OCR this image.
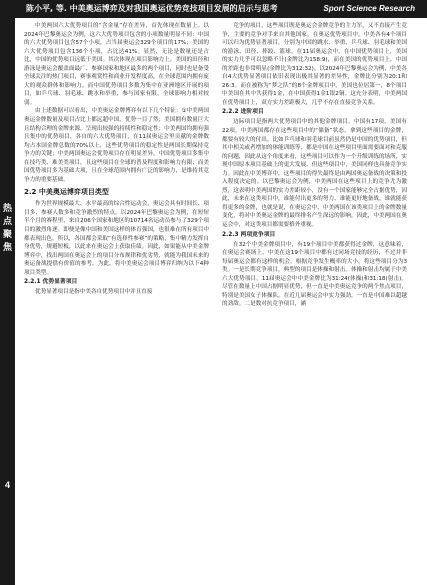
陈小平, 等. 中美奥运博弈及对我国奥运优势竞技项目发展的启示与思考	Sport Science Research
热点聚焦
4

中美两国六大优势项目的“含金量”存在差异，首先体现在数量上。以2024年巴黎奥运会为例，这六大优势项目包含的小项数量明显不同：中国的六大优势项目包含57个小项，占当届奥运会329个项目的17%；美国的六大优势项目包含136个小项，占比达41%。显然，无论是数量还是占比，中国的优势项目远低于美国。其次体现在项目影响力上。美国的田径和游泳是奥运会覆盖面最广、参赛国家和地区最多的两个项目，同时也是备受全球关注的热门项目，赛事观赏性和商业开发程度高，在全球范围内拥有庞大的观众群体和影响力。而中国优势项目多数为集中在亚洲地区开展的项目，如乒乓球、羽毛球、跳水和举重，参与国家有限，全球影响力相对较弱。

由上述数据可以看出，中美奥运金牌博弈有以下几个特征：①中美两国奥运金牌数量及项目占比上都远超中国，优势一目了然；美国拥有数量巨大且结构合理的金牌来源，呈现出较强的持续性和稳定性；中美两国均拥有强且集中的优势项目，各自的六大优势项目，在11届奥运会里贡献的金牌数均占本国金牌总数的70%以上，这些优势项目的稳定性是两国长期保持竞争力的关键；中美两国奥运会优势项目存在明显差异，中国优势项目多集中在技巧类、难美类项目，且这些项目在全球的普及程度和影响力有限；而美国优势项目多为基础大项，且在全球范围内拥有广泛的影响力，是维持其竞争力的重要基础。

2.2 中美奥运博弈项目类型

作为世界规模最大、水平最高的综合性运动会，奥运会具有时间长、项目多、参赛人数多和竞争激烈的特点。以2024年巴黎奥运会为例，在短短半个月的赛程里，来自206个国家和地区的10714名运动员参与了329个项目的激烈角逐。即便是像中国和美国这样的体育强国，也很难在所有项目中都表现出色。所以，各国都会采取“有选择性参赛”的策略，集中精力发挥自身优势，规避短板，以此来在奥运会上获取佳绩。因此，如果能从中美金牌博弈中，找出两国在奥运会上的项目分布规律和优劣势，就能为我国未来的奥运备战提供有价值的参考。为此，将中美奥运会项目博弈归纳为以下4种项目类型。

2.2.1 优势显著项目

优势显著项目是指中美各自优势项目中并且直接

竞争的项目，这些项目既是奥运会金牌竞争的主力军，又不直接产生竞争，主要的竞争对手来自其他国家。在奥运优势项目中，中美各有4个项目可以归为优势显著项目，分别为中国的跳水、举重、乒乓球、羽毛球和美国的游泳、田径、摔跤、篮球。在11届奥运会中，在中国优势项目上，美国的实力几乎可以忽略不计(金牌比为158:9)，而在美国的优势项目上，中国的差距也非常明显(金牌比为312:32)。以2024年巴黎奥运会为例，中美各自4大优势显著项目依旧表现出极其显著的差异性，金牌比分别为20:1和26:3。而在被称为“梦之队”的8个金牌项目中，美国也位居第一，8个项目中美国在其中共获得1金，在中国获得1金1银2铜。这充分表明，中美两国在优势项目上，双方实力差距极大，几乎不存在直接竞争关系。

2.2.2 进阶项目

边际项目是指两大优势项目中的其他金牌项目。中国有17项，美国有22项。中美两国都存在这些项目中的“储备”状态，拿到这些项目的金牌，都要有较大的付出。比如乒乓球和羽毛球目前虽然仍是中国的优势项目，但其中相关或者增加的体能训练等，都是中国在这些项目里面需要面对和克服的问题，因此从这个角度来看，这些项目可以作为一个升级训练的场所，实现中国原本项目基础上的更大发展。但这些项目中，美国同样也具备竞争实力。因此在中美博弈中，这些项目的得失最终是由两国奥运备战的决策和投入程度决定的。以巴黎奥运会为例，中美两国在这些项目上的竞争尤为激烈，这表明中美两国的实力差距较小，没有一个国家能够完全占据优势，因此，未来在这类项目中，谁能付出更多的努力、谁能更好地备战，谁就能获得更多的金牌，也就是说，在奥运会中，中美两国在该类项目上的金牌数量变化，将对中美奥运金牌的最终排名产生深远的影响。因此，中美两国在奥运会中，对这类项目都需要格外重视。

2.2.3 两项竞争项目

在32个中美金牌项目中，有19个项目中美都获得过金牌，这意味着，在奥运会赛场上，中美在这19个项目中都有过同场竞技的经历，不过并非每届奥运会都有这样的机会。根据竞争发生概率的大小，将这些项目分为3类。一是长期竞争项目，典型的项目是体操和射击。体操和射击均属于中美六大优势项目，11届奥运会中中美金牌比为31:24(体操)和31:18(射击)。尽管在数量上中国占据明显优势，但一直是中美奥运竞争的两个焦点项目，特别是美国女子体操队，在近几届奥运会中实力强劲，一直是中国难以超越的劲敌。二是数对抗竞争项目，涵
